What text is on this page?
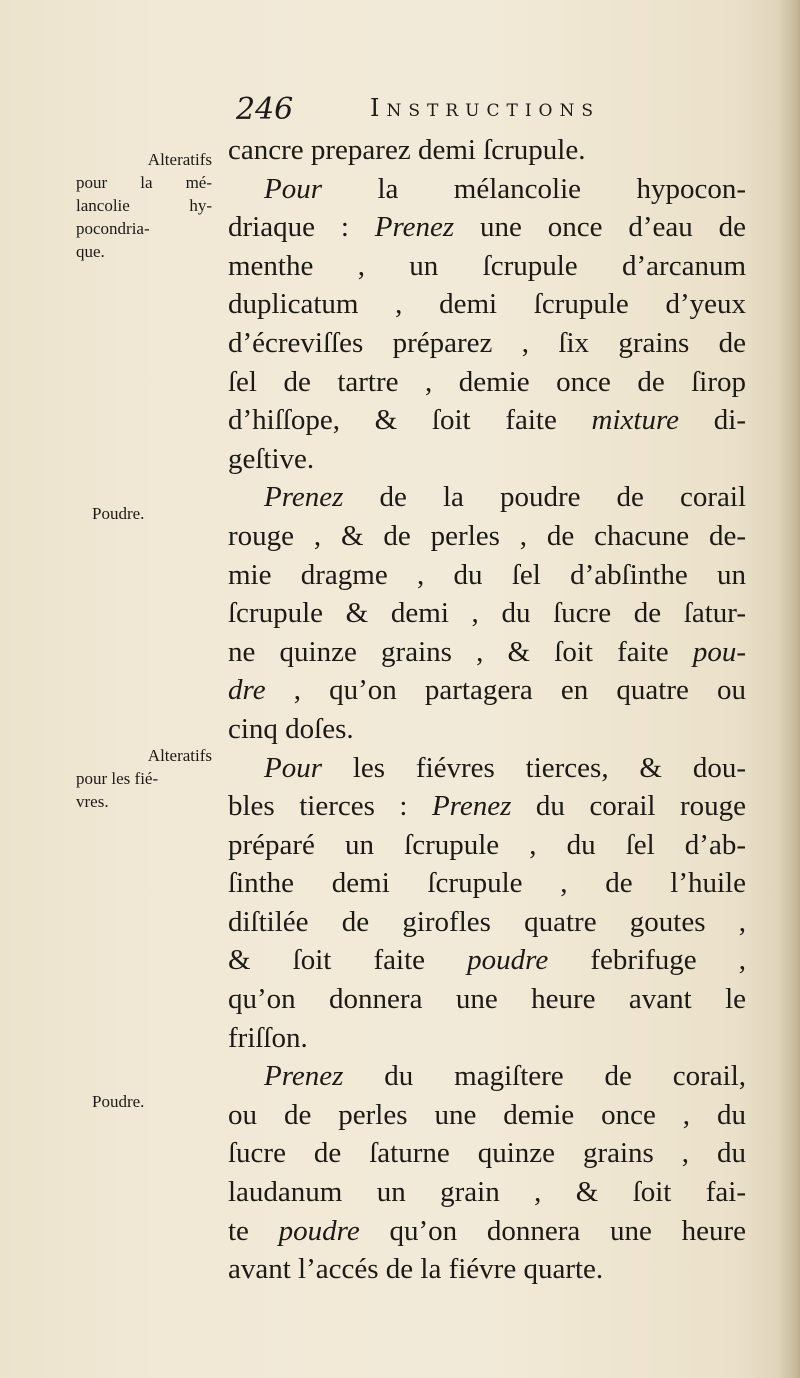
246	Instructions
Alteratifs
pour la mé-
lancolie hy-
pocondria-
que.
Poudre.
Alteratifs
pour les fié-
vres.
Poudre.

cancre preparez demi ſcrupule.

Pour la mélancolie hypocon-
driaque : Prenez une once d’eau de
menthe , un ſcrupule d’arcanum
duplicatum , demi ſcrupule d’yeux
d’écreviſſes préparez , ſix grains de
ſel de tartre , demie once de ſirop
d’hiſſope, & ſoit faite mixture di-
geſtive.

Prenez de la poudre de corail
rouge , & de perles , de chacune de-
mie dragme , du ſel d’abſinthe un
ſcrupule & demi , du ſucre de ſatur-
ne quinze grains , & ſoit faite pou-
dre , qu’on partagera en quatre ou
cinq doſes.

Pour les fiévres tierces, & dou-
bles tierces : Prenez du corail rouge
préparé un ſcrupule , du ſel d’ab-
ſinthe demi ſcrupule , de l’huile
diſtilée de girofles quatre goutes ,
& ſoit faite poudre febrifuge ,
qu’on donnera une heure avant le
friſſon.

Prenez du magiſtere de corail,
ou de perles une demie once , du
ſucre de ſaturne quinze grains , du
laudanum un grain , & ſoit fai-
te poudre qu’on donnera une heure
avant l’accés de la fiévre quarte.
